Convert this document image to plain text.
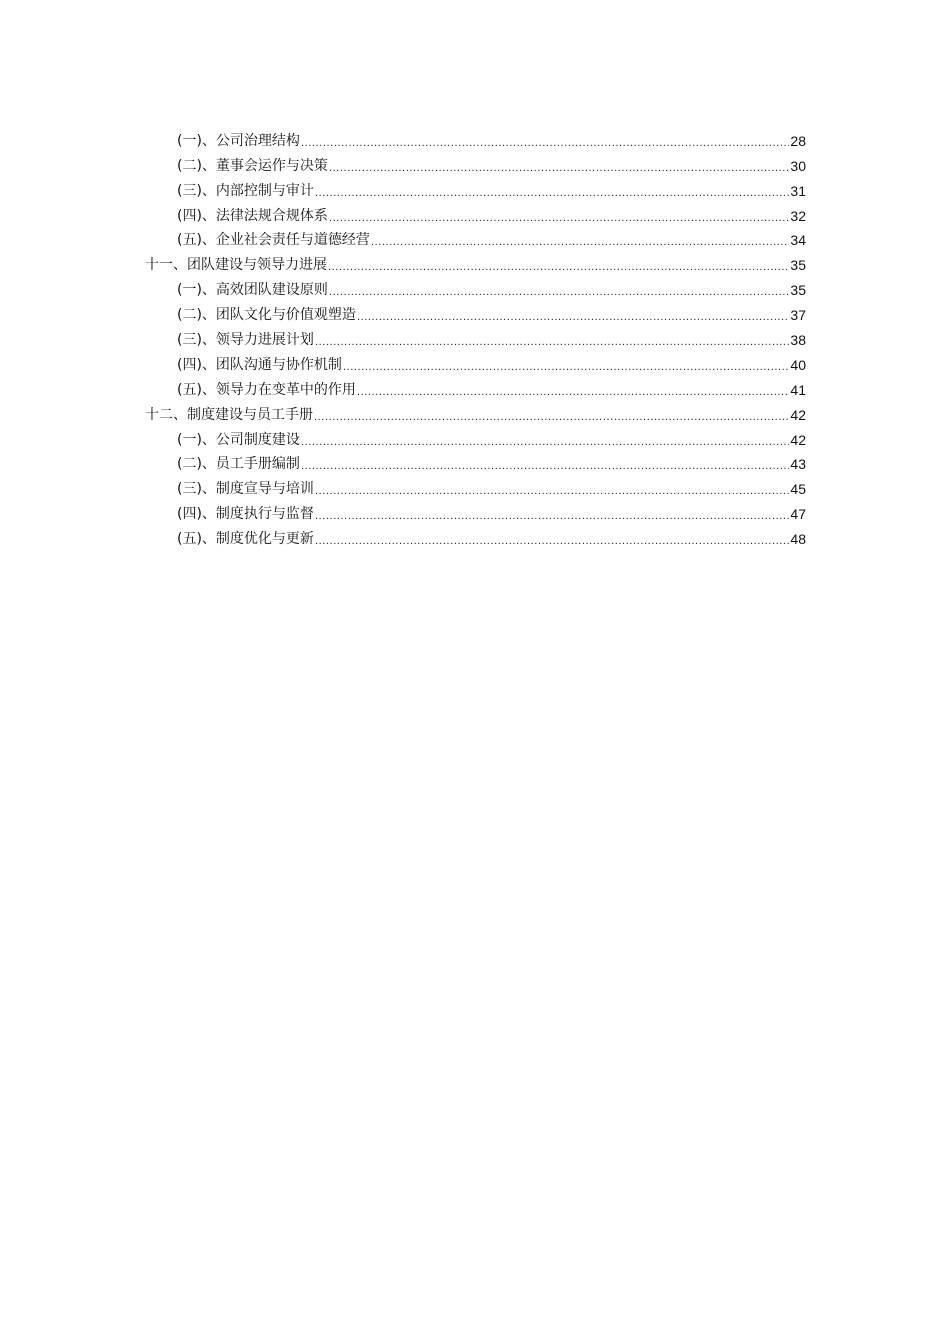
(一)、公司治理结构 .....	28
(二)、董事会运作与决策 .....	30
(三)、内部控制与审计 .....	31
(四)、法律法规合规体系 .....	32
(五)、企业社会责任与道德经营 .....	34
十一、团队建设与领导力进展 .....	35
(一)、高效团队建设原则 .....	35
(二)、团队文化与价值观塑造 .....	37
(三)、领导力进展计划 .....	38
(四)、团队沟通与协作机制 .....	40
(五)、领导力在变革中的作用 .....	41
十二、制度建设与员工手册 .....	42
(一)、公司制度建设 .....	42
(二)、员工手册编制 .....	43
(三)、制度宣导与培训 .....	45
(四)、制度执行与监督 .....	47
(五)、制度优化与更新 .....	48
